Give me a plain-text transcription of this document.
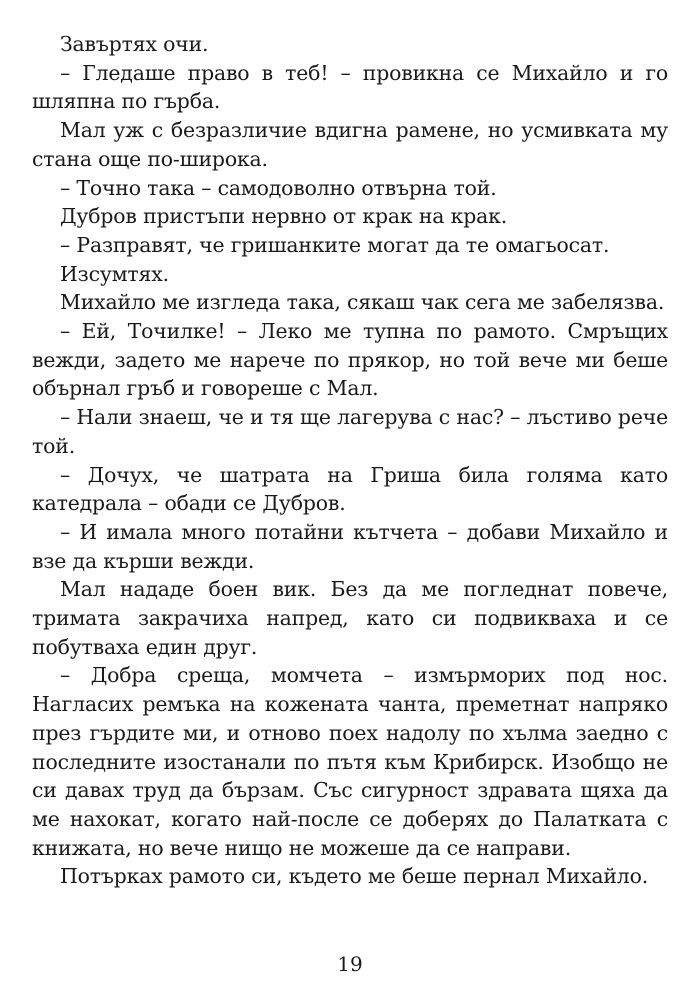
Завъртях очи.

– Гледаше право в теб! – провикна се Михайло и го шляпна по гърба.

Мал уж с безразличие вдигна рамене, но усмивката му стана още по-широка.

– Точно така – самодоволно отвърна той.

Дубров пристъпи нервно от крак на крак.

– Разправят, че гришанките могат да те омагьосат.

Изсумтях.

Михайло ме изгледа така, сякаш чак сега ме забелязва.

– Ей, Точилке! – Леко ме тупна по рамото. Смръщих вежди, задето ме нарече по прякор, но той вече ми беше обърнал гръб и говореше с Мал.

– Нали знаеш, че и тя ще лагерува с нас? – лъстиво рече той.

– Дочух, че шатрата на Гриша била голяма като катедрала – обади се Дубров.

– И имала много потайни кътчета – добави Михайло и взе да кърши вежди.

Мал нададе боен вик. Без да ме погледнат повече, тримата закрачиха напред, като си подвикваха и се побутваха един друг.

– Добра среща, момчета – измърморих под нос. Нагласих ремъка на кожената чанта, преметнат напряко през гърдите ми, и отново поех надолу по хълма заедно с последните изостанали по пътя към Крибирск. Изобщо не си давах труд да бързам. Със сигурност здравата щяха да ме нахокат, когато най-после се доберях до Палатката с книжата, но вече нищо не можеше да се направи.

Потърках рамото си, където ме беше пернал Михайло.

19
